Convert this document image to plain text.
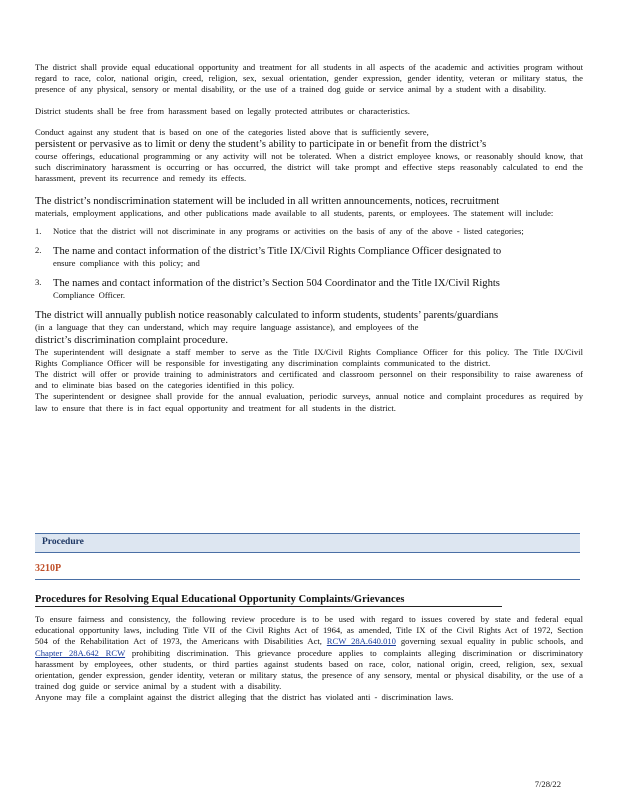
The district shall provide equal educational opportunity and treatment for all students in all aspects of the academic and activities program without regard to race, color, national origin, creed, religion, sex, sexual orientation, gender expression, gender identity, veteran or military status, the presence of any physical, sensory or mental disability, or the use of a trained dog guide or service animal by a student with a disability.

District students shall be free from harassment based on legally protected attributes or characteristics.

Conduct against any student that is based on one of the categories listed above that is sufficiently severe,

persistent or pervasive as to limit or deny the student’s ability to participate in or benefit from the district’s

course offerings, educational programming or any activity will not be tolerated. When a district employee knows, or reasonably should know, that such discriminatory harassment is occurring or has occurred, the district will take prompt and effective steps reasonably calculated to end the harassment, prevent its recurrence and remedy its effects.

The district’s nondiscrimination statement will be included in all written announcements, notices, recruitment

materials, employment applications, and other publications made available to all students, parents, or employees. The statement will include:

1.	Notice that the district will not discriminate in any programs or activities on the basis of any of the above - listed categories;
2.	The name and contact information of the district’s Title IX/Civil Rights Compliance Officer designated to
ensure compliance with this policy; and
3.	The names and contact information of the district’s Section 504 Coordinator and the Title IX/Civil Rights
Compliance Officer.

The district will annually publish notice reasonably calculated to inform students, students’ parents/guardians

(in a language that they can understand, which may require language assistance), and employees of the

district’s discrimination complaint procedure.

The superintendent will designate a staff member to serve as the Title IX/Civil Rights Compliance Officer for this policy. The Title IX/Civil Rights Compliance Officer will be responsible for investigating any discrimination complaints communicated to the district.

The district will offer or provide training to administrators and certificated and classroom personnel on their responsibility to raise awareness of and to eliminate bias based on the categories identified in this policy.

The superintendent or designee shall provide for the annual evaluation, periodic surveys, annual notice and complaint procedures as required by law to ensure that there is in fact equal opportunity and treatment for all students in the district.

Procedure
3210P
Procedures for Resolving Equal Educational Opportunity Complaints/Grievances

To ensure fairness and consistency, the following review procedure is to be used with regard to issues covered by state and federal equal educational opportunity laws, including Title VII of the Civil Rights Act of 1964, as amended, Title IX of the Civil Rights Act of 1972, Section 504 of the Rehabilitation Act of 1973, the Americans with Disabilities Act, RCW 28A.640.010 governing sexual equality in public schools, and Chapter 28A.642 RCW prohibiting discrimination. This grievance procedure applies to complaints alleging discrimination or discriminatory harassment by employees, other students, or third parties against students based on race, color, national origin, creed, religion, sex, sexual orientation, gender expression, gender identity, veteran or military status, the presence of any sensory, mental or physical disability, or the use of a trained dog guide or service animal by a student with a disability.

Anyone may file a complaint against the district alleging that the district has violated anti - discrimination laws.

7/28/22
